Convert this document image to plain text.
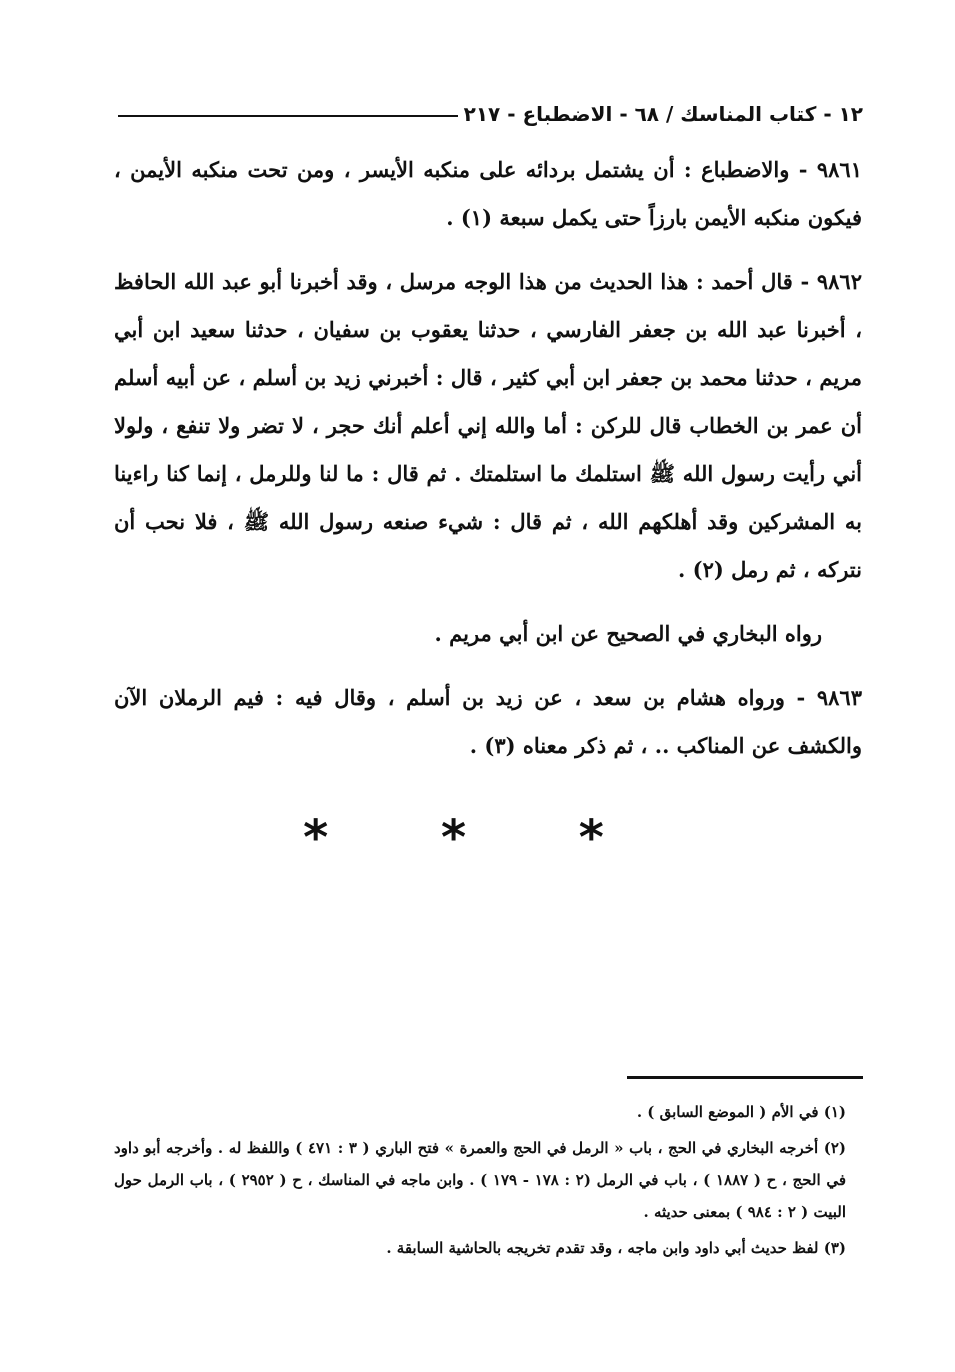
١٢ - كتاب المناسك / ٦٨ - الاضطباع - ٢١٧

٩٨٦١ - والاضطباع : أن يشتمل بردائه على منكبه الأيسر ، ومن تحت منكبه الأيمن ، فيكون منكبه الأيمن بارزاً حتى يكمل سبعة (١) .

٩٨٦٢ - قال أحمد : هذا الحديث من هذا الوجه مرسل ، وقد أخبرنا أبو عبد الله الحافظ ، أخبرنا عبد الله بن جعفر الفارسي ، حدثنا يعقوب بن سفيان ، حدثنا سعيد ابن أبي مريم ، حدثنا محمد بن جعفر ابن أبي كثير ، قال : أخبرني زيد بن أسلم ، عن أبيه أسلم أن عمر بن الخطاب قال للركن : أما والله إني أعلم أنك حجر ، لا تضر ولا تنفع ، ولولا أني رأيت رسول الله ﷺ استلمك ما استلمتك . ثم قال : ما لنا وللرمل ، إنما كنا راءينا به المشركين وقد أهلكهم الله ، ثم قال : شيء صنعه رسول الله ﷺ ، فلا نحب أن نتركه ، ثم رمل (٢) .

رواه البخاري في الصحيح عن ابن أبي مريم .

٩٨٦٣ - ورواه هشام بن سعد ، عن زيد بن أسلم ، وقال فيه : فيم الرملان الآن والكشف عن المناكب .. ، ثم ذكر معناه (٣) .

* * *

(١) في الأم ( الموضع السابق ) .

(٢) أخرجه البخاري في الحج ، باب « الرمل في الحج والعمرة » فتح الباري ( ٣ : ٤٧١ ) واللفظ له . وأخرجه أبو داود في الحج ، ح ( ١٨٨٧ ) ، باب في الرمل (٢ : ١٧٨ - ١٧٩ ) . وابن ماجه في المناسك ، ح ( ٢٩٥٢ ) ، باب الرمل حول البيت ( ٢ : ٩٨٤ ) بمعنى حديثه .

(٣) لفظ حديث أبي داود وابن ماجه ، وقد تقدم تخريجه بالحاشية السابقة .
